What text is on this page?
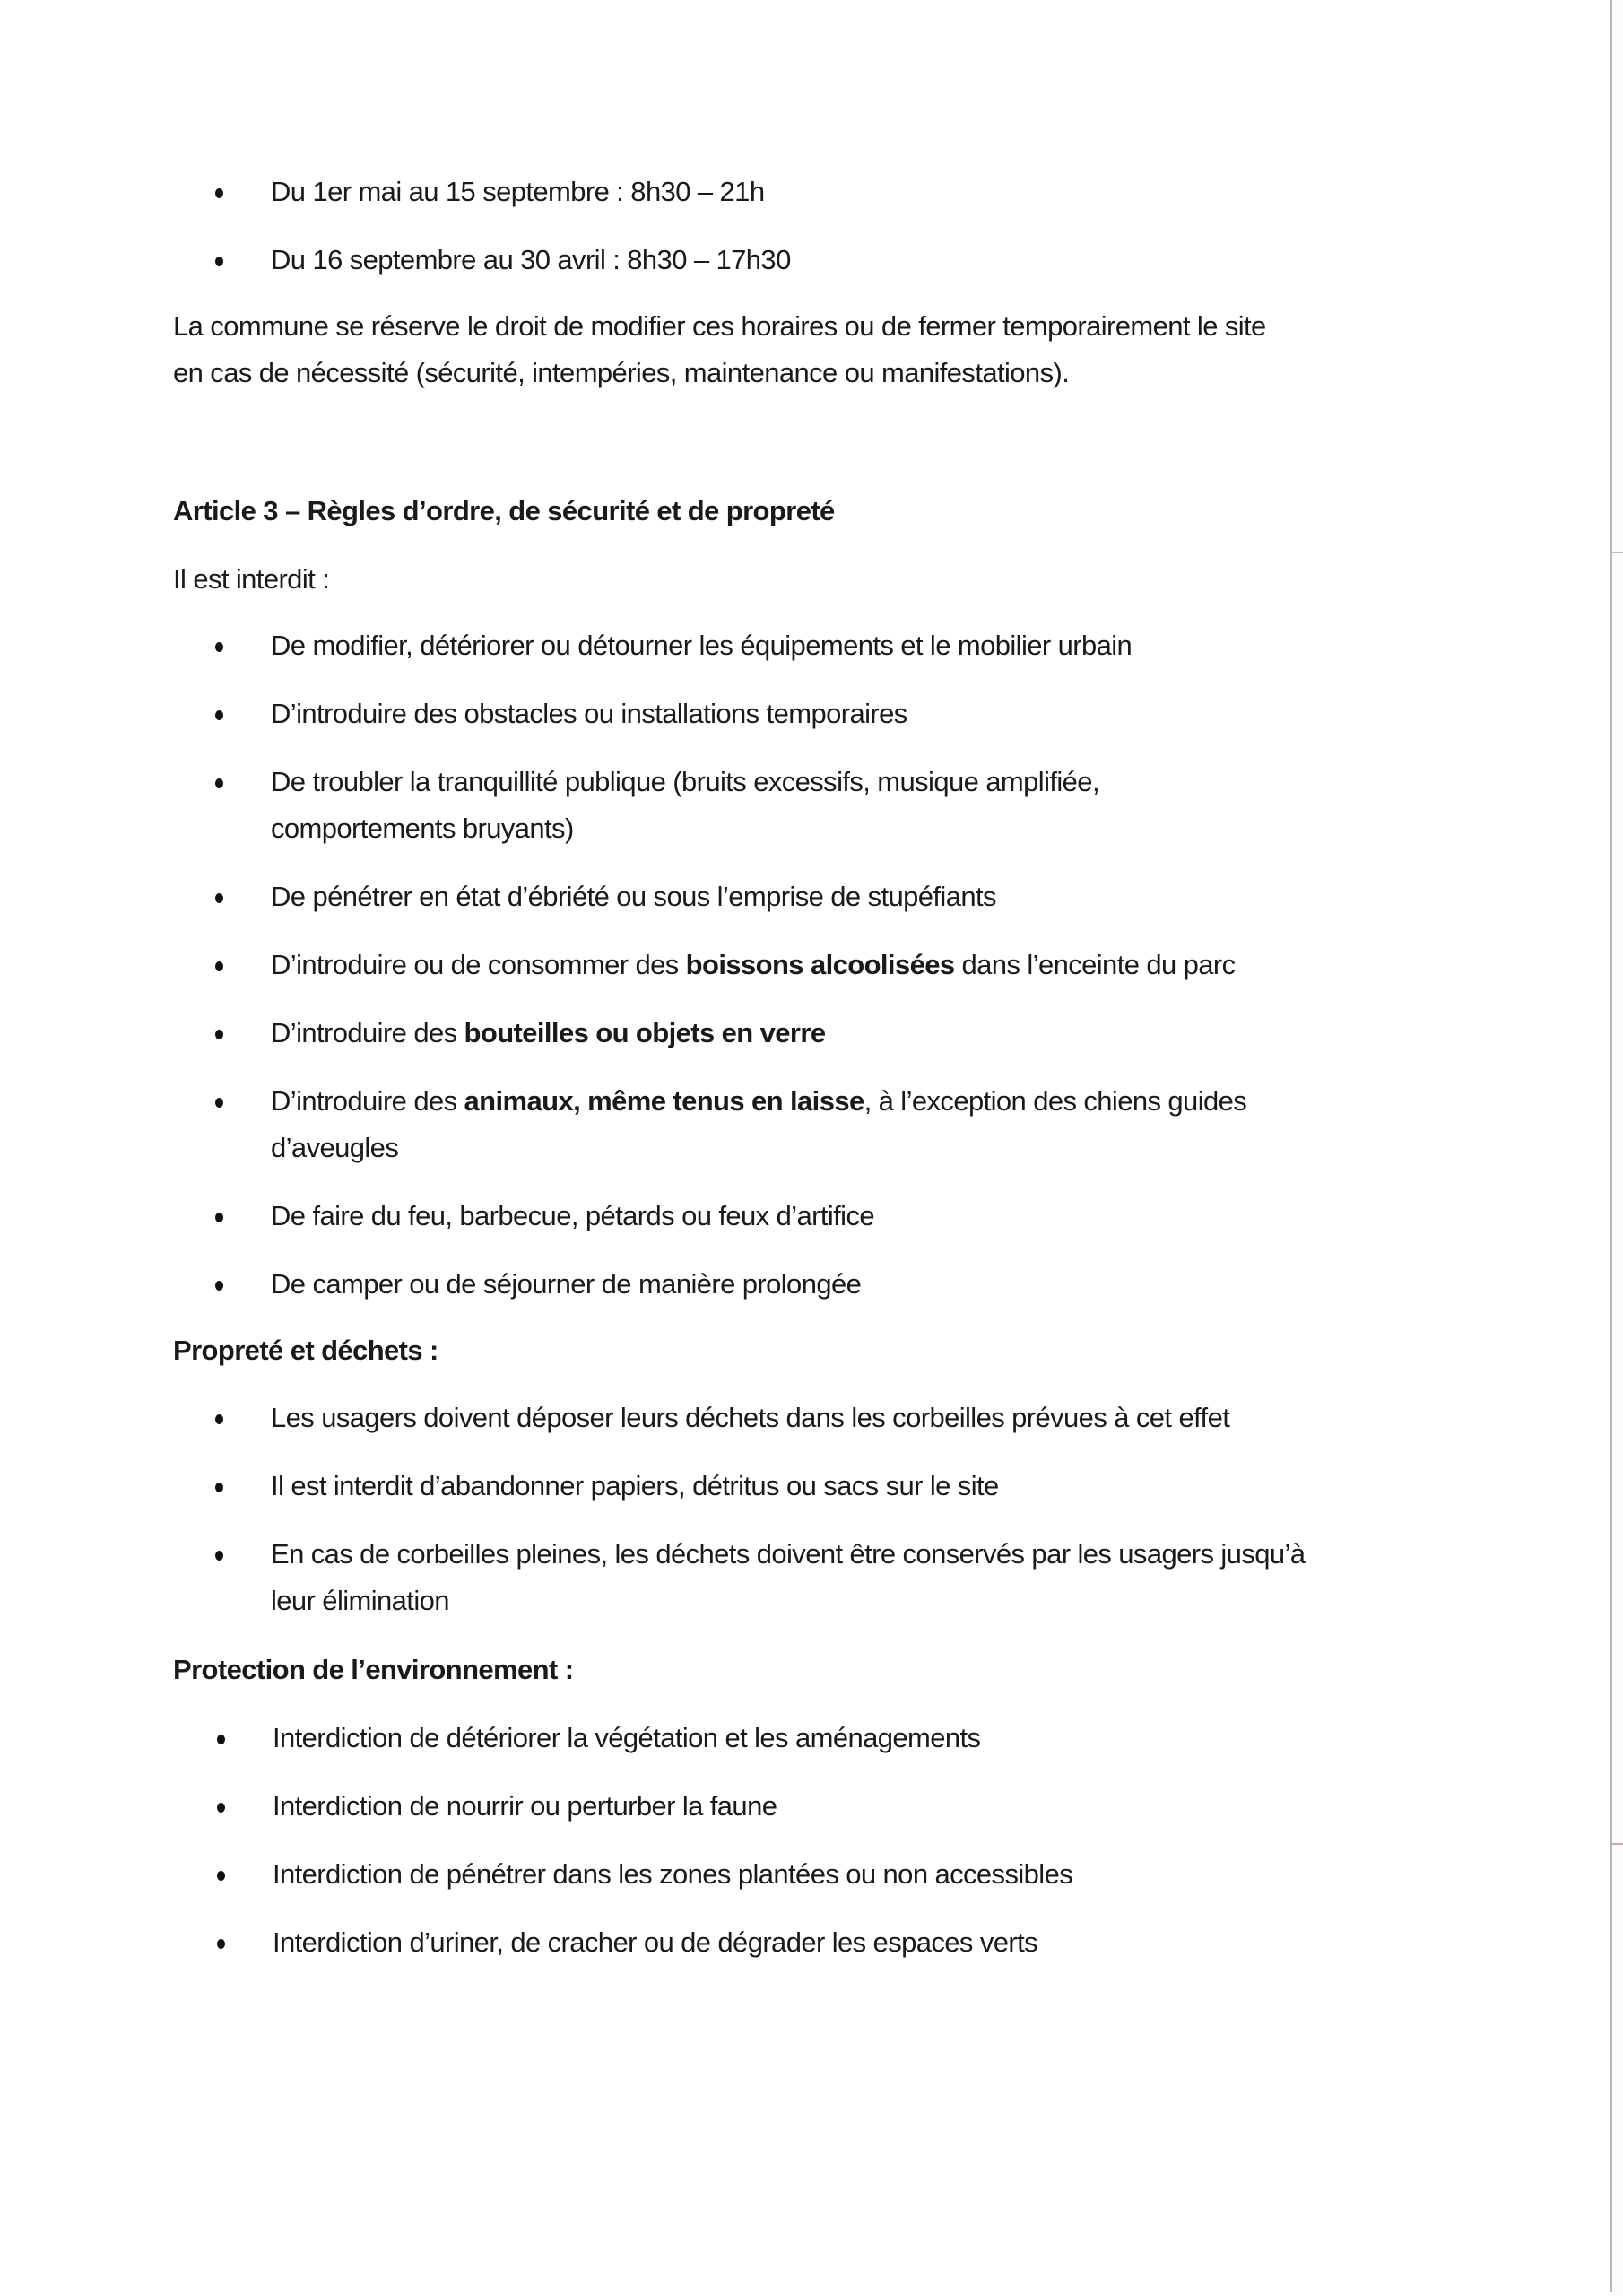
Du 1er mai au 15 septembre : 8h30 – 21h
Du 16 septembre au 30 avril : 8h30 – 17h30
La commune se réserve le droit de modifier ces horaires ou de fermer temporairement le site
en cas de nécessité (sécurité, intempéries, maintenance ou manifestations).
Article 3 – Règles d’ordre, de sécurité et de propreté
Il est interdit :
De modifier, détériorer ou détourner les équipements et le mobilier urbain
D’introduire des obstacles ou installations temporaires
De troubler la tranquillité publique (bruits excessifs, musique amplifiée,
comportements bruyants)
De pénétrer en état d’ébriété ou sous l’emprise de stupéfiants
D’introduire ou de consommer des boissons alcoolisées dans l’enceinte du parc
D’introduire des bouteilles ou objets en verre
D’introduire des animaux, même tenus en laisse, à l’exception des chiens guides
d’aveugles
De faire du feu, barbecue, pétards ou feux d’artifice
De camper ou de séjourner de manière prolongée
Propreté et déchets :
Les usagers doivent déposer leurs déchets dans les corbeilles prévues à cet effet
Il est interdit d’abandonner papiers, détritus ou sacs sur le site
En cas de corbeilles pleines, les déchets doivent être conservés par les usagers jusqu’à
leur élimination
Protection de l’environnement :
Interdiction de détériorer la végétation et les aménagements
Interdiction de nourrir ou perturber la faune
Interdiction de pénétrer dans les zones plantées ou non accessibles
Interdiction d’uriner, de cracher ou de dégrader les espaces verts
